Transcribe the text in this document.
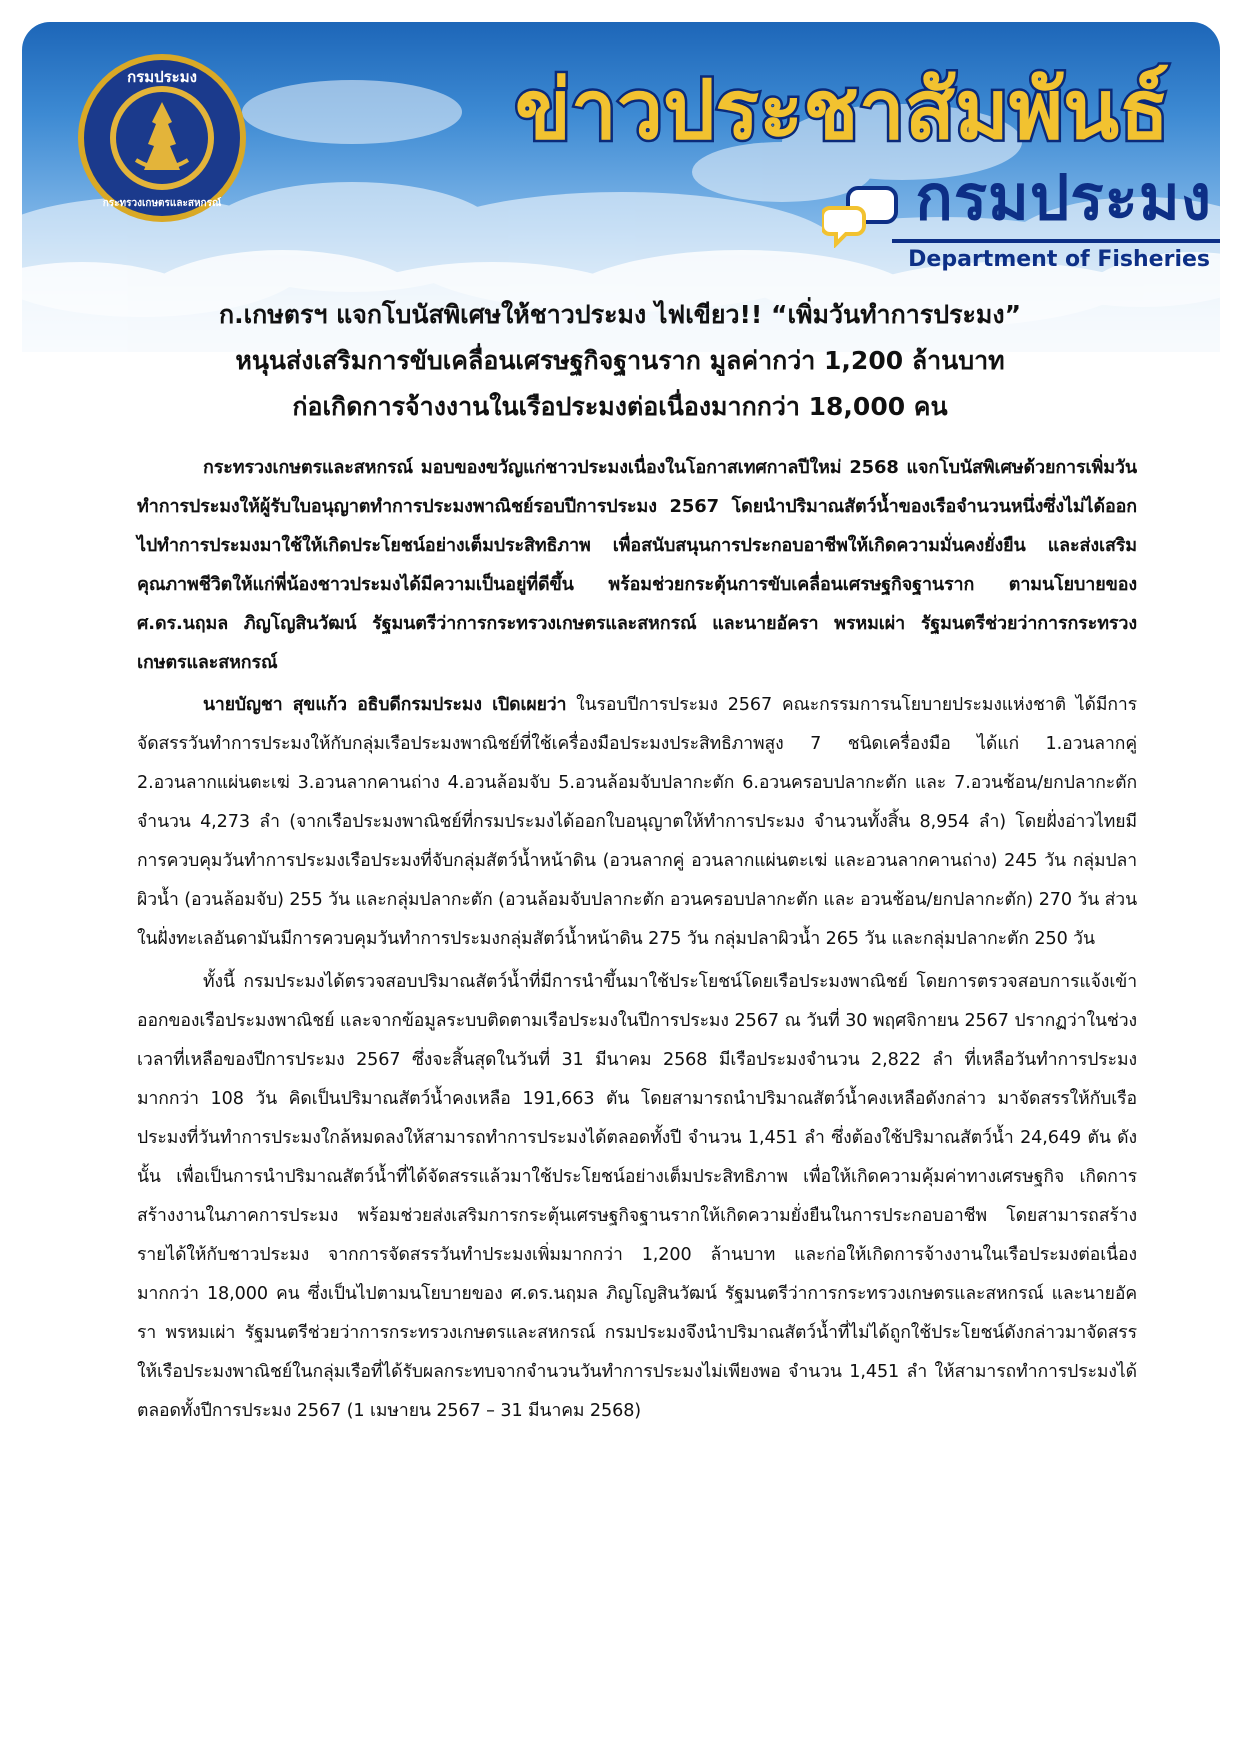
กรมประมง
กระทรวงเกษตรและสหกรณ์
ข่าวประชาสัมพันธ์
กรมประมง
Department of Fisheries
ก.เกษตรฯ แจกโบนัสพิเศษให้ชาวประมง ไฟเขียว!! “เพิ่มวันทำการประมง”
หนุนส่งเสริมการขับเคลื่อนเศรษฐกิจฐานราก มูลค่ากว่า 1,200 ล้านบาท
ก่อเกิดการจ้างงานในเรือประมงต่อเนื่องมากกว่า 18,000 คน

กระทรวงเกษตรและสหกรณ์ มอบของขวัญแก่ชาวประมงเนื่องในโอกาสเทศกาลปีใหม่ 2568 แจกโบนัสพิเศษด้วยการเพิ่มวันทำการประมงให้ผู้รับใบอนุญาตทำการประมงพาณิชย์รอบปีการประมง 2567 โดยนำปริมาณสัตว์น้ำของเรือจำนวนหนึ่งซึ่งไม่ได้ออกไปทำการประมงมาใช้ให้เกิดประโยชน์อย่างเต็มประสิทธิภาพ เพื่อสนับสนุนการประกอบอาชีพให้เกิดความมั่นคงยั่งยืน และส่งเสริมคุณภาพชีวิตให้แก่พี่น้องชาวประมงได้มีความเป็นอยู่ที่ดีขึ้น พร้อมช่วยกระตุ้นการขับเคลื่อนเศรษฐกิจฐานราก ตามนโยบายของ ศ.ดร.นฤมล ภิญโญสินวัฒน์ รัฐมนตรีว่าการกระทรวงเกษตรและสหกรณ์ และนายอัครา พรหมเผ่า รัฐมนตรีช่วยว่าการกระทรวงเกษตรและสหกรณ์

นายบัญชา สุขแก้ว อธิบดีกรมประมง เปิดเผยว่า ในรอบปีการประมง 2567 คณะกรรมการนโยบายประมงแห่งชาติ ได้มีการจัดสรรวันทำการประมงให้กับกลุ่มเรือประมงพาณิชย์ที่ใช้เครื่องมือประมงประสิทธิภาพสูง 7 ชนิดเครื่องมือ ได้แก่ 1.อวนลากคู่ 2.อวนลากแผ่นตะเฆ่ 3.อวนลากคานถ่าง 4.อวนล้อมจับ 5.อวนล้อมจับปลากะตัก 6.อวนครอบปลากะตัก และ 7.อวนช้อน/ยกปลากะตัก จำนวน 4,273 ลำ (จากเรือประมงพาณิชย์ที่กรมประมงได้ออกใบอนุญาตให้ทำการประมง จำนวนทั้งสิ้น 8,954 ลำ) โดยฝั่งอ่าวไทยมีการควบคุมวันทำการประมงเรือประมงที่จับกลุ่มสัตว์น้ำหน้าดิน (อวนลากคู่ อวนลากแผ่นตะเฆ่ และอวนลากคานถ่าง) 245 วัน กลุ่มปลาผิวน้ำ (อวนล้อมจับ) 255 วัน และกลุ่มปลากะตัก (อวนล้อมจับปลากะตัก อวนครอบปลากะตัก และ อวนช้อน/ยกปลากะตัก) 270 วัน ส่วนในฝั่งทะเลอันดามันมีการควบคุมวันทำการประมงกลุ่มสัตว์น้ำหน้าดิน 275 วัน กลุ่มปลาผิวน้ำ 265 วัน และกลุ่มปลากะตัก 250 วัน

ทั้งนี้ กรมประมงได้ตรวจสอบปริมาณสัตว์น้ำที่มีการนำขึ้นมาใช้ประโยชน์โดยเรือประมงพาณิชย์ โดยการตรวจสอบการแจ้งเข้าออกของเรือประมงพาณิชย์ และจากข้อมูลระบบติดตามเรือประมงในปีการประมง 2567 ณ วันที่ 30 พฤศจิกายน 2567 ปรากฏว่าในช่วงเวลาที่เหลือของปีการประมง 2567 ซึ่งจะสิ้นสุดในวันที่ 31 มีนาคม 2568 มีเรือประมงจำนวน 2,822 ลำ ที่เหลือวันทำการประมงมากกว่า 108 วัน คิดเป็นปริมาณสัตว์น้ำคงเหลือ 191,663 ตัน โดยสามารถนำปริมาณสัตว์น้ำคงเหลือดังกล่าว มาจัดสรรให้กับเรือประมงที่วันทำการประมงใกล้หมดลงให้สามารถทำการประมงได้ตลอดทั้งปี จำนวน 1,451 ลำ ซึ่งต้องใช้ปริมาณสัตว์น้ำ 24,649 ตัน ดังนั้น เพื่อเป็นการนำปริมาณสัตว์น้ำที่ได้จัดสรรแล้วมาใช้ประโยชน์อย่างเต็มประสิทธิภาพ เพื่อให้เกิดความคุ้มค่าทางเศรษฐกิจ เกิดการสร้างงานในภาคการประมง พร้อมช่วยส่งเสริมการกระตุ้นเศรษฐกิจฐานรากให้เกิดความยั่งยืนในการประกอบอาชีพ โดยสามารถสร้างรายได้ให้กับชาวประมง จากการจัดสรรวันทำประมงเพิ่มมากกว่า 1,200 ล้านบาท และก่อให้เกิดการจ้างงานในเรือประมงต่อเนื่องมากกว่า 18,000 คน ซึ่งเป็นไปตามนโยบายของ ศ.ดร.นฤมล ภิญโญสินวัฒน์ รัฐมนตรีว่าการกระทรวงเกษตรและสหกรณ์ และนายอัครา พรหมเผ่า รัฐมนตรีช่วยว่าการกระทรวงเกษตรและสหกรณ์ กรมประมงจึงนำปริมาณสัตว์น้ำที่ไม่ได้ถูกใช้ประโยชน์ดังกล่าวมาจัดสรรให้เรือประมงพาณิชย์ในกลุ่มเรือที่ได้รับผลกระทบจากจำนวนวันทำการประมงไม่เพียงพอ จำนวน 1,451 ลำ ให้สามารถทำการประมงได้ตลอดทั้งปีการประมง 2567 (1 เมษายน 2567 – 31 มีนาคม 2568)
